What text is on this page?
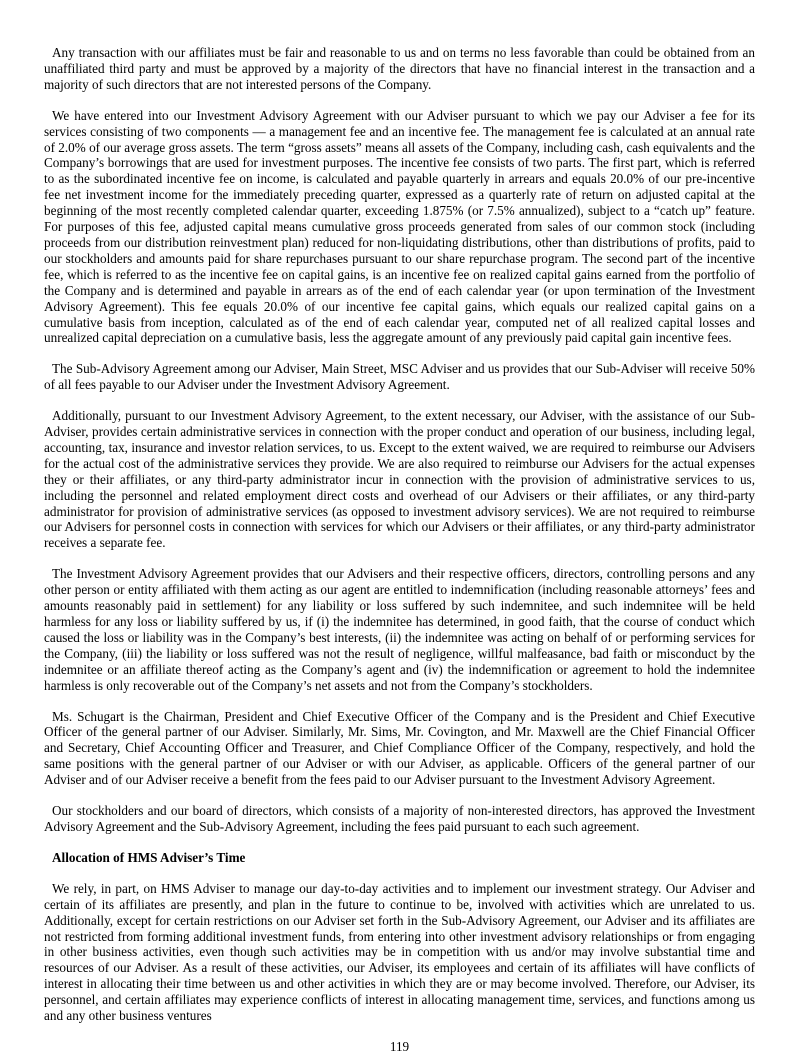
Any transaction with our affiliates must be fair and reasonable to us and on terms no less favorable than could be obtained from an unaffiliated third party and must be approved by a majority of the directors that have no financial interest in the transaction and a majority of such directors that are not interested persons of the Company.

We have entered into our Investment Advisory Agreement with our Adviser pursuant to which we pay our Adviser a fee for its services consisting of two components — a management fee and an incentive fee. The management fee is calculated at an annual rate of 2.0% of our average gross assets. The term “gross assets” means all assets of the Company, including cash, cash equivalents and the Company’s borrowings that are used for investment purposes. The incentive fee consists of two parts. The first part, which is referred to as the subordinated incentive fee on income, is calculated and payable quarterly in arrears and equals 20.0% of our pre-incentive fee net investment income for the immediately preceding quarter, expressed as a quarterly rate of return on adjusted capital at the beginning of the most recently completed calendar quarter, exceeding 1.875% (or 7.5% annualized), subject to a “catch up” feature. For purposes of this fee, adjusted capital means cumulative gross proceeds generated from sales of our common stock (including proceeds from our distribution reinvestment plan) reduced for non-liquidating distributions, other than distributions of profits, paid to our stockholders and amounts paid for share repurchases pursuant to our share repurchase program. The second part of the incentive fee, which is referred to as the incentive fee on capital gains, is an incentive fee on realized capital gains earned from the portfolio of the Company and is determined and payable in arrears as of the end of each calendar year (or upon termination of the Investment Advisory Agreement). This fee equals 20.0% of our incentive fee capital gains, which equals our realized capital gains on a cumulative basis from inception, calculated as of the end of each calendar year, computed net of all realized capital losses and unrealized capital depreciation on a cumulative basis, less the aggregate amount of any previously paid capital gain incentive fees.

The Sub-Advisory Agreement among our Adviser, Main Street, MSC Adviser and us provides that our Sub-Adviser will receive 50% of all fees payable to our Adviser under the Investment Advisory Agreement.

Additionally, pursuant to our Investment Advisory Agreement, to the extent necessary, our Adviser, with the assistance of our Sub-Adviser, provides certain administrative services in connection with the proper conduct and operation of our business, including legal, accounting, tax, insurance and investor relation services, to us. Except to the extent waived, we are required to reimburse our Advisers for the actual cost of the administrative services they provide. We are also required to reimburse our Advisers for the actual expenses they or their affiliates, or any third-party administrator incur in connection with the provision of administrative services to us, including the personnel and related employment direct costs and overhead of our Advisers or their affiliates, or any third-party administrator for provision of administrative services (as opposed to investment advisory services). We are not required to reimburse our Advisers for personnel costs in connection with services for which our Advisers or their affiliates, or any third-party administrator receives a separate fee.

The Investment Advisory Agreement provides that our Advisers and their respective officers, directors, controlling persons and any other person or entity affiliated with them acting as our agent are entitled to indemnification (including reasonable attorneys’ fees and amounts reasonably paid in settlement) for any liability or loss suffered by such indemnitee, and such indemnitee will be held harmless for any loss or liability suffered by us, if (i) the indemnitee has determined, in good faith, that the course of conduct which caused the loss or liability was in the Company’s best interests, (ii) the indemnitee was acting on behalf of or performing services for the Company, (iii) the liability or loss suffered was not the result of negligence, willful malfeasance, bad faith or misconduct by the indemnitee or an affiliate thereof acting as the Company’s agent and (iv) the indemnification or agreement to hold the indemnitee harmless is only recoverable out of the Company’s net assets and not from the Company’s stockholders.

Ms. Schugart is the Chairman, President and Chief Executive Officer of the Company and is the President and Chief Executive Officer of the general partner of our Adviser. Similarly, Mr. Sims, Mr. Covington, and Mr. Maxwell are the Chief Financial Officer and Secretary, Chief Accounting Officer and Treasurer, and Chief Compliance Officer of the Company, respectively, and hold the same positions with the general partner of our Adviser or with our Adviser, as applicable. Officers of the general partner of our Adviser and of our Adviser receive a benefit from the fees paid to our Adviser pursuant to the Investment Advisory Agreement.

Our stockholders and our board of directors, which consists of a majority of non-interested directors, has approved the Investment Advisory Agreement and the Sub-Advisory Agreement, including the fees paid pursuant to each such agreement.

Allocation of HMS Adviser’s Time

We rely, in part, on HMS Adviser to manage our day-to-day activities and to implement our investment strategy. Our Adviser and certain of its affiliates are presently, and plan in the future to continue to be, involved with activities which are unrelated to us. Additionally, except for certain restrictions on our Adviser set forth in the Sub-Advisory Agreement, our Adviser and its affiliates are not restricted from forming additional investment funds, from entering into other investment advisory relationships or from engaging in other business activities, even though such activities may be in competition with us and/or may involve substantial time and resources of our Adviser. As a result of these activities, our Adviser, its employees and certain of its affiliates will have conflicts of interest in allocating their time between us and other activities in which they are or may become involved. Therefore, our Adviser, its personnel, and certain affiliates may experience conflicts of interest in allocating management time, services, and functions among us and any other business ventures

119
